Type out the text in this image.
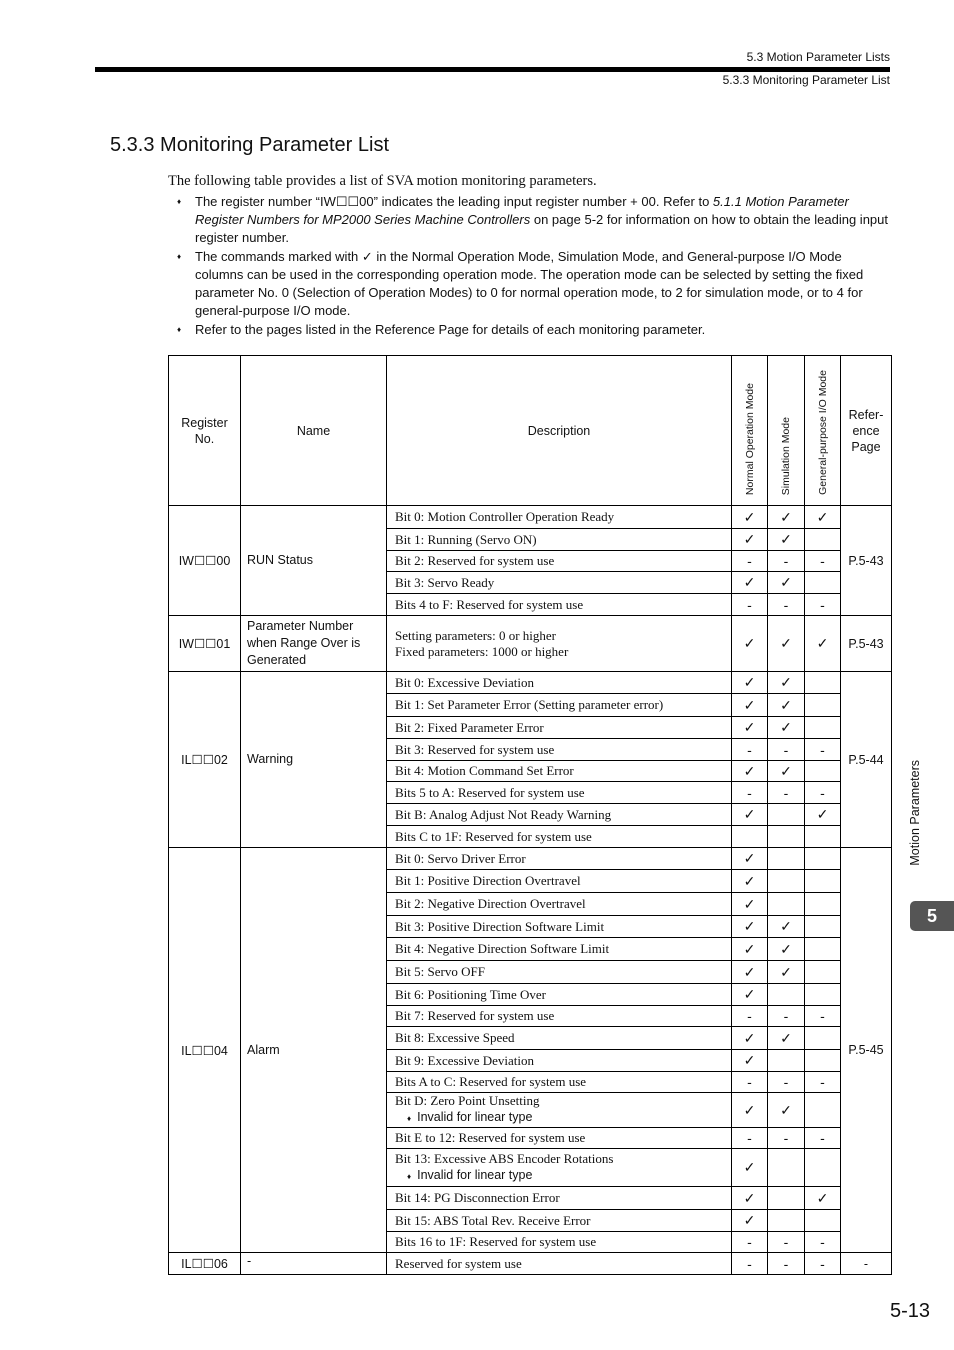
5.3 Motion Parameter Lists
5.3.3 Monitoring Parameter List
5.3.3 Monitoring Parameter List
The following table provides a list of SVA motion monitoring parameters.
♦ The register number “IW☐☐00” indicates the leading input register number + 00. Refer to 5.1.1 Motion Parameter Register Numbers for MP2000 Series Machine Controllers on page 5-2 for information on how to obtain the leading input register number.
♦ The commands marked with ✓ in the Normal Operation Mode, Simulation Mode, and General-purpose I/O Mode columns can be used in the corresponding operation mode. The operation mode can be selected by setting the fixed parameter No. 0 (Selection of Operation Modes) to 0 for normal operation mode, to 2 for simulation mode, or to 4 for general-purpose I/O mode.
♦ Refer to the pages listed in the Reference Page for details of each monitoring parameter.
Register No.	Name	Description	Normal Operation Mode	Simulation Mode	General-purpose I/O Mode	Refer- ence Page
IW☐☐00	RUN Status	Bit 0: Motion Controller Operation Ready	✓	✓	✓	P.5-43

		Bit 1: Running (Servo ON)	✓	✓		

		Bit 2: Reserved for system use	-	-	-	

		Bit 3: Servo Ready	✓	✓		

		Bits 4 to F: Reserved for system use	-	-	-	
IW☐☐01	Parameter Number when Range Over is Generated	Setting parameters: 0 or higher
Fixed parameters: 1000 or higher	✓	✓	✓	P.5-43
IL☐☐02	Warning	Bit 0: Excessive Deviation	✓	✓		P.5-44

		Bit 1: Set Parameter Error (Setting parameter error)	✓	✓		

		Bit 2: Fixed Parameter Error	✓	✓		

		Bit 3: Reserved for system use	-	-	-	

		Bit 4: Motion Command Set Error	✓	✓		

		Bits 5 to A: Reserved for system use	-	-	-	

		Bit B: Analog Adjust Not Ready Warning	✓		✓	

		Bits C to 1F: Reserved for system use				

IL☐☐04	Alarm	Bit 0: Servo Driver Error	✓			P.5-45

		Bit 1: Positive Direction Overtravel	✓			

		Bit 2: Negative Direction Overtravel	✓			

		Bit 3: Positive Direction Software Limit	✓	✓		

		Bit 4: Negative Direction Software Limit	✓	✓		

		Bit 5: Servo OFF	✓	✓		

		Bit 6: Positioning Time Over	✓			

		Bit 7: Reserved for system use	-	-	-	

		Bit 8: Excessive Speed	✓	✓		

		Bit 9: Excessive Deviation	✓			

		Bits A to C: Reserved for system use	-	-	-	

		Bit D: Zero Point Unsetting
♦ Invalid for linear type	✓	✓		

		Bit E to 12: Reserved for system use	-	-	-	

		Bit 13: Excessive ABS Encoder Rotations
♦ Invalid for linear type	✓			

		Bit 14: PG Disconnection Error	✓		✓	

		Bit 15: ABS Total Rev. Receive Error	✓			

		Bits 16 to 1F: Reserved for system use	-	-	-	
IL☐☐06	-	Reserved for system use	-	-	-	-
Motion Parameters
5
5-13
